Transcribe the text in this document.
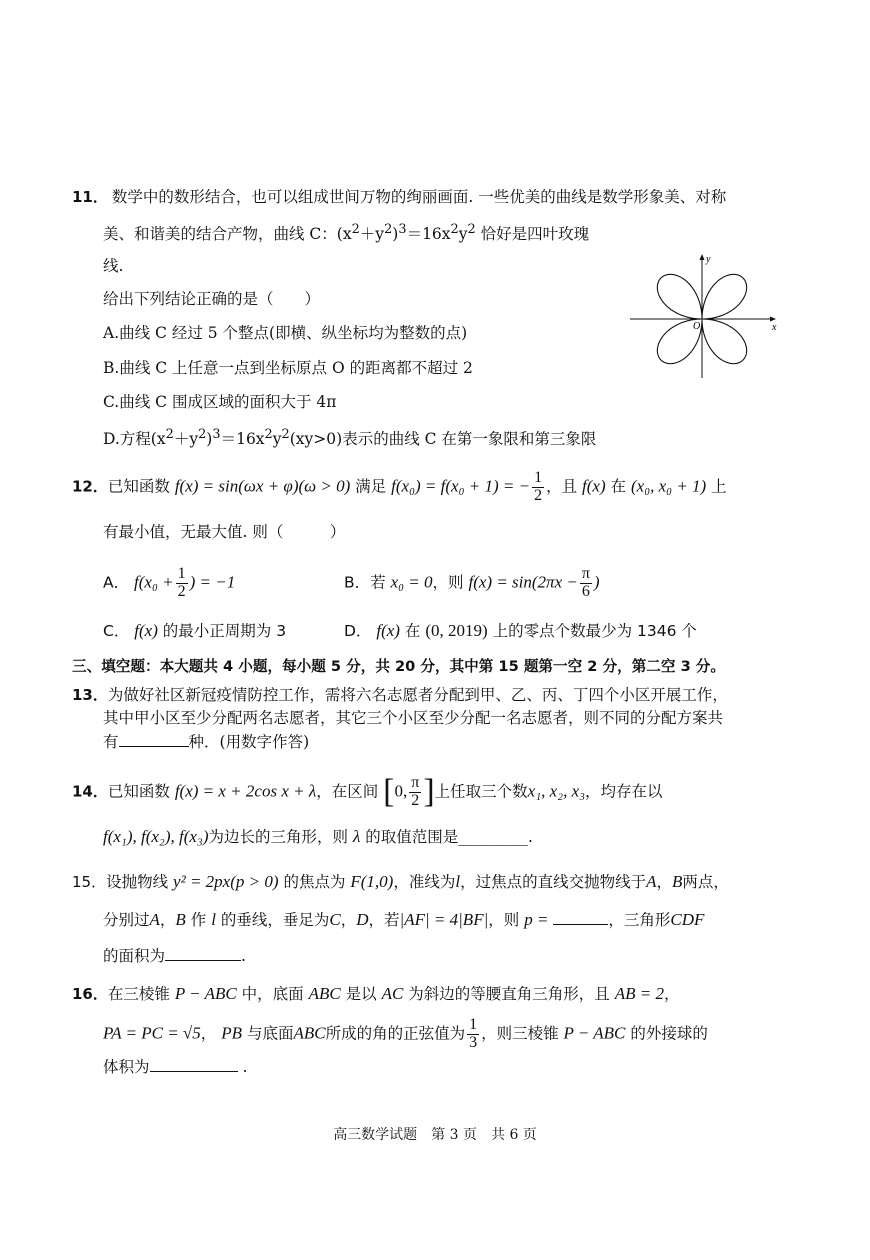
11． 数学中的数形结合，也可以组成世间万物的绚丽画面. 一些优美的曲线是数学形象美、对称
美、和谐美的结合产物，曲线 C：$(x^2+y^2)^3=16x^2y^2$ 恰好是四叶玫瑰
线.
给出下列结论正确的是（　　）
A.曲线 C 经过 5 个整点(即横、纵坐标均为整数的点)
B.曲线 C 上任意一点到坐标原点 O 的距离都不超过 2
C.曲线 C 围成区域的面积大于 4π
D.方程$(x^2+y^2)^3=16x^2y^2(xy>0)$表示的曲线 C 在第一象限和第三象限
x
y
O
12．已知函数 f(x) = sin(ωx + φ)(ω > 0) 满足 f(x₀) = f(x₀ + 1) = − $\frac{1}{2}$ ，且 f(x) 在 (x₀, x₀ + 1) 上
有最小值，无最大值. 则（　　　）
A． $f(x_0 + \frac{1}{2}$ ) = −1	B．若 x₀ = 0，则 $f(x) = \sin(2\pi x - \frac{\pi}{6}$ )
C． f(x) 的最小正周期为 3	D． f(x) 在 (0, 2019) 上的零点个数最少为 1346 个
三、填空题：本大题共 4 小题，每小题 5 分，共 20 分，其中第 15 题第一空 2 分，第二空 3 分。
13．为做好社区新冠疫情防控工作，需将六名志愿者分配到甲、乙、丙、丁四个小区开展工作，
其中甲小区至少分配两名志愿者，其它三个小区至少分配一名志愿者，则不同的分配方案共
有	种．(用数字作答)
14．已知函数 f(x) = x + 2cos x + λ，在区间 [0, $\frac{\pi}{2}$ ]上任取三个数x₁, x₂, x₃，均存在以
f(x₁), f(x₂), f(x₃)为边长的三角形，则 λ 的取值范围是_________.
15．设抛物线 y² = 2px(p > 0) 的焦点为 F(1,0)，准线为l，过焦点的直线交抛物线于A，B两点，
分别过A，B 作 l 的垂线，垂足为C，D，若|AF| = 4|BF|，则 p =	，三角形CDF
的面积为	.
16．在三棱锥 P − ABC 中，底面 ABC 是以 AC 为斜边的等腰直角三角形，且 AB = 2，
PA = PC = √5， PB 与底面ABC所成的角的正弦值为 $\frac{1}{3}$ ，则三棱锥 P − ABC 的外接球的
体积为	.
高三数学试题　第 3 页　共 6 页
